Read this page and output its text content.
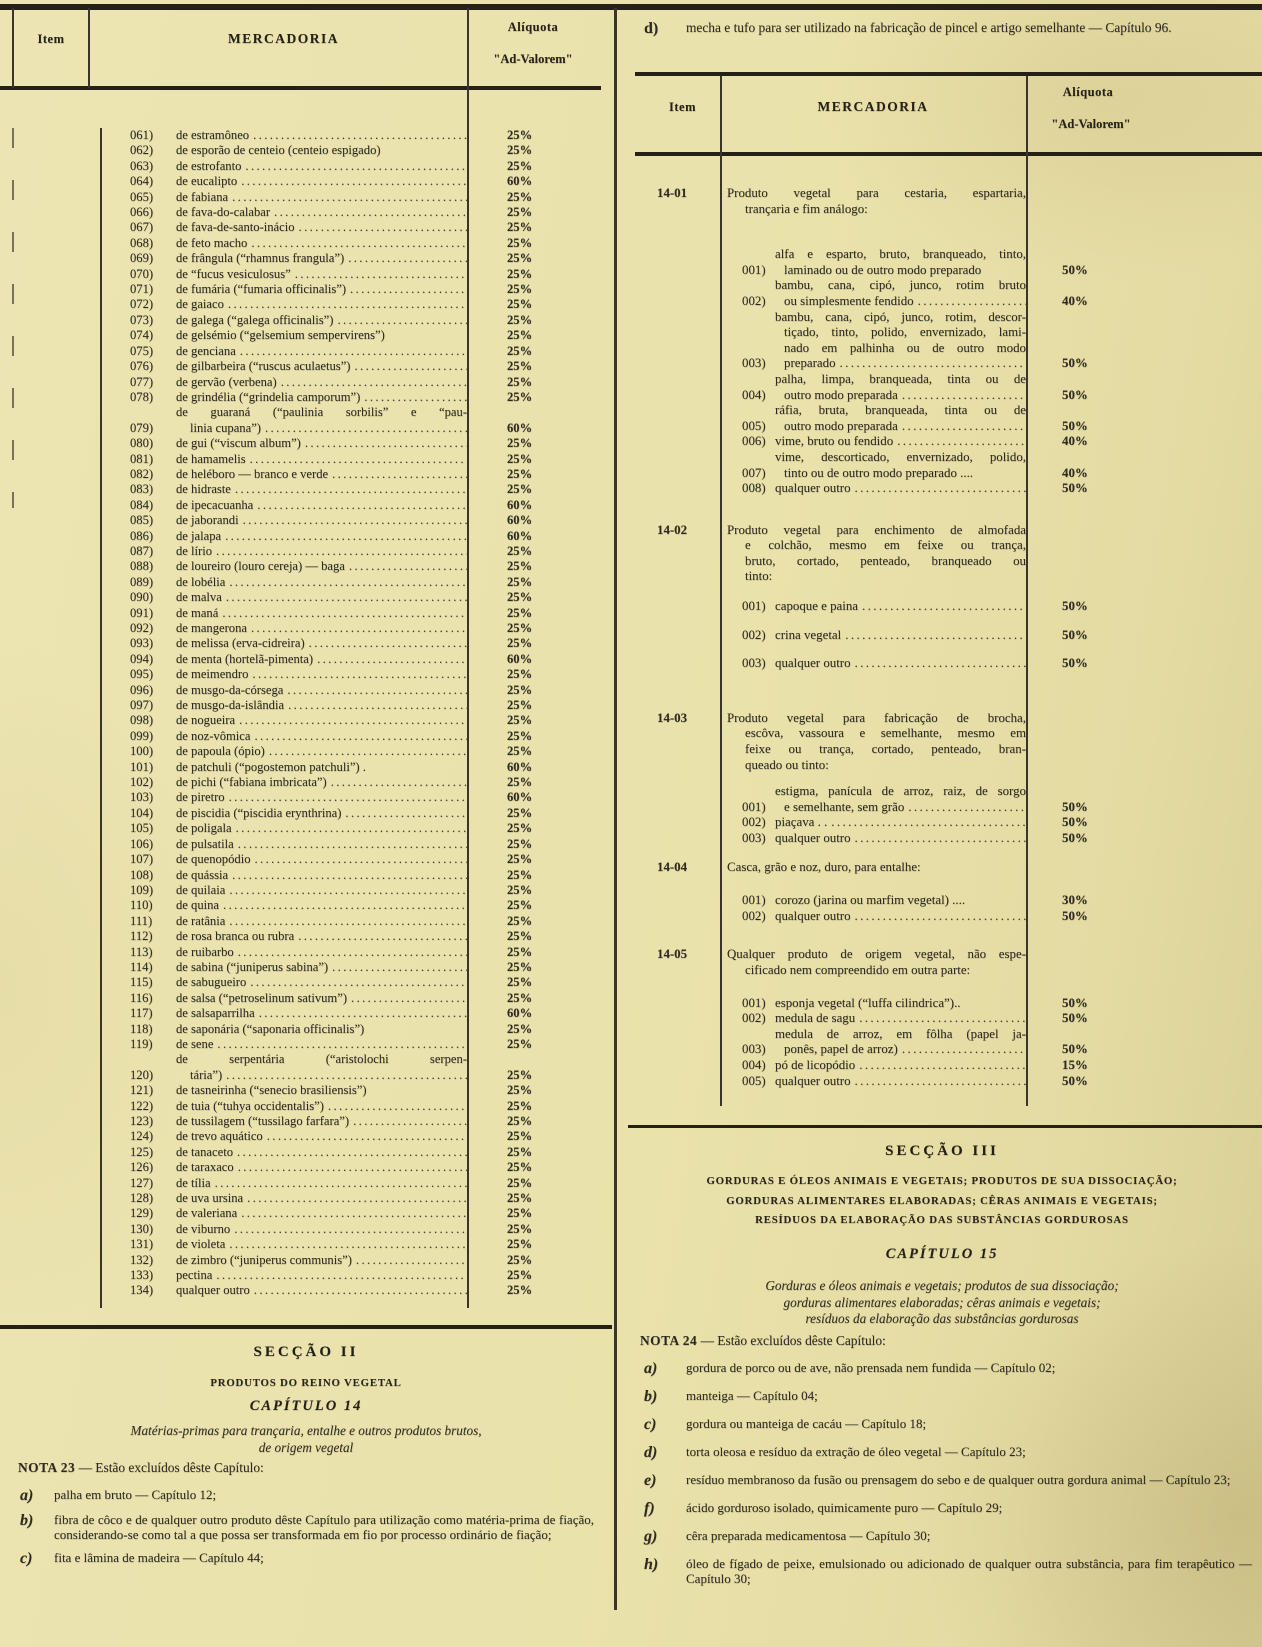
Item	MERCADORIA
Alíquota
"Ad-Valorem"
061)	de estramôneo .....	25%
062)	de esporão de centeio (centeio espigado)	25%
063)	de estrofanto .....	25%
064)	de eucalipto .....	60%
065)	de fabiana .....	25%
066)	de fava-do-calabar .....	25%
067)	de fava-de-santo-inácio .....	25%
068)	de feto macho .....	25%
069)	de frângula (“rhamnus frangula”) .....	25%
070)	de “fucus vesiculosus” .....	25%
071)	de fumária (“fumaria officinalis”) .....	25%
072)	de gaiaco .....	25%
073)	de galega (“galega officinalis”) .....	25%
074)	de gelsémio (“gelsemium sempervirens”)	25%
075)	de genciana .....	25%
076)	de gilbarbeira (“ruscus aculaetus”) .....	25%
077)	de gervão (verbena) .....	25%
078)	de grindélia (“grindelia camporum”) .....	25%
079)
de guaraná (“paulinia sorbilis” e “pau-
linia cupana”) .....	60%
080)	de gui (“viscum album”) .....	25%
081)	de hamamelis .....	25%
082)	de heléboro — branco e verde .....	25%
083)	de hidraste .....	25%
084)	de ipecacuanha .....	60%
085)	de jaborandi .....	60%
086)	de jalapa .....	60%
087)	de lírio .....	25%
088)	de loureiro (louro cereja) — baga .....	25%
089)	de lobélia .....	25%
090)	de malva .....	25%
091)	de maná .....	25%
092)	de mangerona .....	25%
093)	de melissa (erva-cidreira) .....	25%
094)	de menta (hortelã-pimenta) .....	60%
095)	de meimendro .....	25%
096)	de musgo-da-córsega .....	25%
097)	de musgo-da-islândia .....	25%
098)	de nogueira .....	25%
099)	de noz-vômica .....	25%
100)	de papoula (ópio) .....	25%
101)	de patchuli (“pogostemon patchuli”) .	60%
102)	de pichi (“fabiana imbricata”) .....	25%
103)	de piretro .....	60%
104)	de piscidia (“piscidia erynthrina) .....	25%
105)	de poligala .....	25%
106)	de pulsatila .....	25%
107)	de quenopódio .....	25%
108)	de quássia .....	25%
109)	de quilaia .....	25%
110)	de quina .....	25%
111)	de ratânia .....	25%
112)	de rosa branca ou rubra .....	25%
113)	de ruibarbo .....	25%
114)	de sabina (“juniperus sabina”) .....	25%
115)	de sabugueiro .....	25%
116)	de salsa (“petroselinum sativum”) .....	25%
117)	de salsaparrilha .....	60%
118)	de saponária (“saponaria officinalis”)	25%
119)	de sene .....	25%
120)
de serpentária (“aristolochi serpen-
tária”) .....	25%
121)	de tasneirinha (“senecio brasiliensis”)	25%
122)	de tuia (“tuhya occidentalis”) .....	25%
123)	de tussilagem (“tussilago farfara”) .....	25%
124)	de trevo aquático .....	25%
125)	de tanaceto .....	25%
126)	de taraxaco .....	25%
127)	de tília .....	25%
128)	de uva ursina .....	25%
129)	de valeriana .....	25%
130)	de viburno .....	25%
131)	de violeta .....	25%
132)	de zimbro (“juniperus communis”) .....	25%
133)	pectina .....	25%
134)	qualquer outro .....	25%
d)	mecha e tufo para ser utilizado na fabricação de pincel e artigo semelhante — Capítulo 96.
Item	MERCADORIA
Alíquota
"Ad-Valorem"
14-01	Produto vegetal para cestaria, espartaria,
trançaria e fim análogo:
001)
alfa e esparto, bruto, branqueado, tinto,
laminado ou de outro modo preparado	50%
002)
bambu, cana, cipó, junco, rotim bruto
ou simplesmente fendido .....	40%
003)
bambu, cana, cipó, junco, rotim, descor-
tiçado, tinto, polido, envernizado, lami-
nado em palhinha ou de outro modo
preparado .....	50%
004)
palha, limpa, branqueada, tinta ou de
outro modo preparada .....	50%
005)
ráfia, bruta, branqueada, tinta ou de
outro modo preparada .....	50%
006) vime, bruto ou fendido .....	40%
007)
vime, descorticado, envernizado, polido,
tinto ou de outro modo preparado ....	40%
008) qualquer outro .....	50%
14-02	Produto vegetal para enchimento de almofada
e colchão, mesmo em feixe ou trança,
bruto, cortado, penteado, branqueado ou
tinto:
001) capoque e paina .....	50%
002) crina vegetal .....	50%
003) qualquer outro .....	50%
14-03	Produto vegetal para fabricação de brocha,
escôva, vassoura e semelhante, mesmo em
feixe ou trança, cortado, penteado, bran-
queado ou tinto:
001)
estigma, panícula de arroz, raiz, de sorgo
e semelhante, sem grão .....	50%
002) piaçava . . .....	50%
003) qualquer outro .....	50%
14-04	Casca, grão e noz, duro, para entalhe:
001) corozo (jarina ou marfim vegetal) ....	30%
002) qualquer outro .....	50%
14-05	Qualquer produto de origem vegetal, não espe-
cificado nem compreendido em outra parte:
001) esponja vegetal (“luffa cilindrica”)..	50%
002) medula de sagu .....	50%
003)
medula de arroz, em fôlha (papel ja-
ponês, papel de arroz) .....	50%
004) pó de licopódio .....	15%
005) qualquer outro .....	50%
SECÇÃO II
PRODUTOS DO REINO VEGETAL
CAPÍTULO 14
Matérias-primas para trançaria, entalhe e outros produtos brutos,
de origem vegetal
NOTA 23 — Estão excluídos dêste Capítulo:
a)	palha em bruto — Capítulo 12;
b)	fibra de côco e de qualquer outro produto dêste Capítulo para utilização como matéria-prima de fiação, considerando-se como tal a que possa ser transformada em fio por processo ordinário de fiação;
c)	fita e lâmina de madeira — Capítulo 44;
SECÇÃO III
GORDURAS E ÓLEOS ANIMAIS E VEGETAIS; PRODUTOS DE SUA DISSOCIAÇÃO;
GORDURAS ALIMENTARES ELABORADAS; CÊRAS ANIMAIS E VEGETAIS;
RESÍDUOS DA ELABORAÇÃO DAS SUBSTÂNCIAS GORDUROSAS
CAPÍTULO 15
Gorduras e óleos animais e vegetais; produtos de sua dissociação;
gorduras alimentares elaboradas; cêras animais e vegetais;
resíduos da elaboração das substâncias gordurosas
NOTA 24 — Estão excluídos dêste Capítulo:
a)	gordura de porco ou de ave, não prensada nem fundida — Capítulo 02;
b)	manteiga — Capítulo 04;
c)	gordura ou manteiga de cacáu — Capítulo 18;
d)	torta oleosa e resíduo da extração de óleo vegetal — Capítulo 23;
e)	resíduo membranoso da fusão ou prensagem do sebo e de qualquer outra gordura animal — Capítulo 23;
f)	ácido gorduroso isolado, quimicamente puro — Capítulo 29;
g)	cêra preparada medicamentosa — Capítulo 30;
h)	óleo de fígado de peixe, emulsionado ou adicionado de qualquer outra substância, para fim terapêutico — Capítulo 30;
